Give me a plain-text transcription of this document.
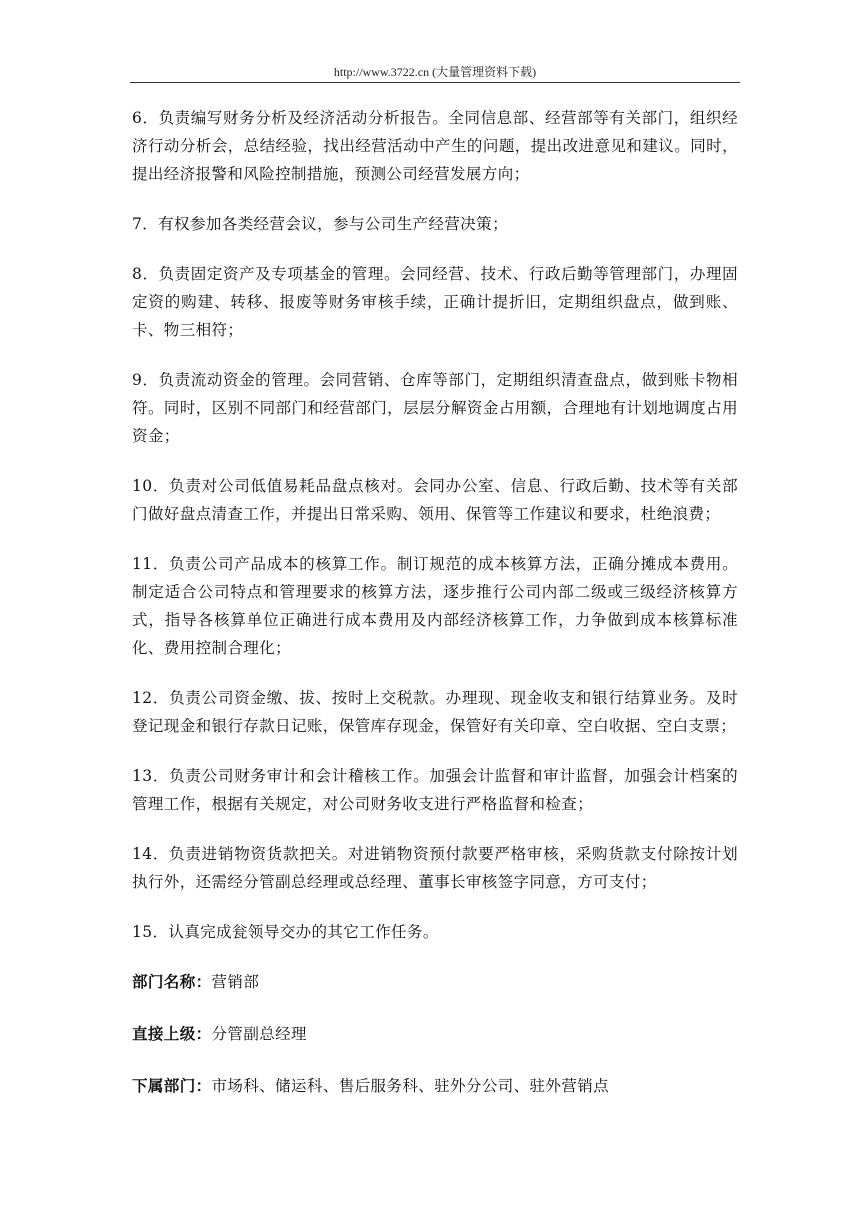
http://www.3722.cn (大量管理资料下载)

6．负责编写财务分析及经济活动分析报告。全同信息部、经营部等有关部门，组织经济行动分析会，总结经验，找出经营活动中产生的问题，提出改进意见和建议。同时，提出经济报警和风险控制措施，预测公司经营发展方向；

7．有权参加各类经营会议，参与公司生产经营决策；

8．负责固定资产及专项基金的管理。会同经营、技术、行政后勤等管理部门，办理固定资的购建、转移、报废等财务审核手续，正确计提折旧，定期组织盘点，做到账、卡、物三相符；

9．负责流动资金的管理。会同营销、仓库等部门，定期组织清查盘点，做到账卡物相符。同时，区别不同部门和经营部门，层层分解资金占用额，合理地有计划地调度占用资金；

10．负责对公司低值易耗品盘点核对。会同办公室、信息、行政后勤、技术等有关部门做好盘点清查工作，并提出日常采购、领用、保管等工作建议和要求，杜绝浪费；

11．负责公司产品成本的核算工作。制订规范的成本核算方法，正确分摊成本费用。制定适合公司特点和管理要求的核算方法，逐步推行公司内部二级或三级经济核算方式，指导各核算单位正确进行成本费用及内部经济核算工作，力争做到成本核算标准化、费用控制合理化；

12．负责公司资金缴、拔、按时上交税款。办理现、现金收支和银行结算业务。及时登记现金和银行存款日记账，保管库存现金，保管好有关印章、空白收据、空白支票；

13．负责公司财务审计和会计稽核工作。加强会计监督和审计监督，加强会计档案的管理工作，根据有关规定，对公司财务收支进行严格监督和检查；

14．负责进销物资货款把关。对进销物资预付款要严格审核，采购货款支付除按计划执行外，还需经分管副总经理或总经理、董事长审核签字同意，方可支付；

15．认真完成瓮领导交办的其它工作任务。

部门名称：营销部

直接上级：分管副总经理

下属部门：市场科、储运科、售后服务科、驻外分公司、驻外营销点
